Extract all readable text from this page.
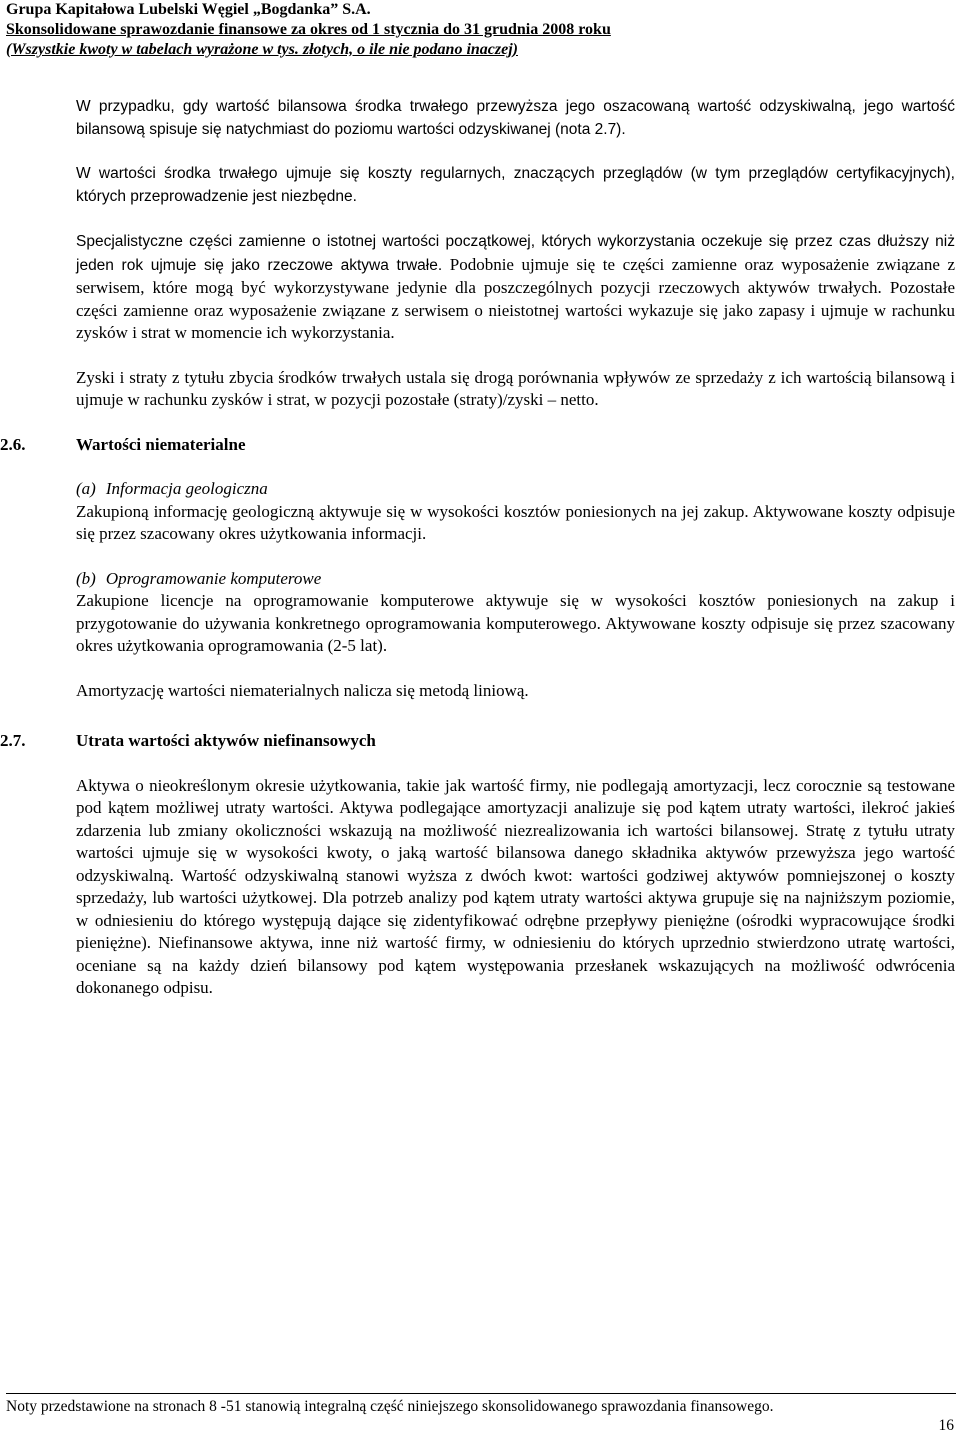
Grupa Kapitałowa Lubelski Węgiel „Bogdanka” S.A.
Skonsolidowane sprawozdanie finansowe za okres od 1 stycznia do 31 grudnia 2008 roku
(Wszystkie kwoty w tabelach wyrażone w tys. złotych, o ile nie podano inaczej)

W przypadku, gdy wartość bilansowa środka trwałego przewyższa jego oszacowaną wartość odzyskiwalną, jego wartość bilansową spisuje się natychmiast do poziomu wartości odzyskiwanej (nota 2.7).

W wartości środka trwałego ujmuje się koszty regularnych, znaczących przeglądów (w tym przeglądów certyfikacyjnych), których przeprowadzenie jest niezbędne.

Specjalistyczne części zamienne o istotnej wartości początkowej, których wykorzystania oczekuje się przez czas dłuższy niż jeden rok ujmuje się jako rzeczowe aktywa trwałe. Podobnie ujmuje się te części zamienne oraz wyposażenie związane z serwisem, które mogą być wykorzystywane jedynie dla poszczególnych pozycji rzeczowych aktywów trwałych. Pozostałe części zamienne oraz wyposażenie związane z serwisem o nieistotnej wartości wykazuje się jako zapasy i ujmuje w rachunku zysków i strat w momencie ich wykorzystania.

Zyski i straty z tytułu zbycia środków trwałych ustala się drogą porównania wpływów ze sprzedaży z ich wartością bilansową i ujmuje w rachunku zysków i strat, w pozycji pozostałe (straty)/zyski – netto.

2.6.	Wartości niematerialne
(a) Informacja geologiczna

Zakupioną informację geologiczną aktywuje się w wysokości kosztów poniesionych na jej zakup. Aktywowane koszty odpisuje się przez szacowany okres użytkowania informacji.

(b) Oprogramowanie komputerowe

Zakupione licencje na oprogramowanie komputerowe aktywuje się w wysokości kosztów poniesionych na zakup i przygotowanie do używania konkretnego oprogramowania komputerowego. Aktywowane koszty odpisuje się przez szacowany okres użytkowania oprogramowania (2-5 lat).

Amortyzację wartości niematerialnych nalicza się metodą liniową.

2.7.	Utrata wartości aktywów niefinansowych

Aktywa o nieokreślonym okresie użytkowania, takie jak wartość firmy, nie podlegają amortyzacji, lecz corocznie są testowane pod kątem możliwej utraty wartości. Aktywa podlegające amortyzacji analizuje się pod kątem utraty wartości, ilekroć jakieś zdarzenia lub zmiany okoliczności wskazują na możliwość niezrealizowania ich wartości bilansowej. Stratę z tytułu utraty wartości ujmuje się w wysokości kwoty, o jaką wartość bilansowa danego składnika aktywów przewyższa jego wartość odzyskiwalną. Wartość odzyskiwalną stanowi wyższa z dwóch kwot: wartości godziwej aktywów pomniejszonej o koszty sprzedaży, lub wartości użytkowej. Dla potrzeb analizy pod kątem utraty wartości aktywa grupuje się na najniższym poziomie, w odniesieniu do którego występują dające się zidentyfikować odrębne przepływy pieniężne (ośrodki wypracowujące środki pieniężne). Niefinansowe aktywa, inne niż wartość firmy, w odniesieniu do których uprzednio stwierdzono utratę wartości, oceniane są na każdy dzień bilansowy pod kątem występowania przesłanek wskazujących na możliwość odwrócenia dokonanego odpisu.

Noty przedstawione na stronach 8 -51 stanowią integralną część niniejszego skonsolidowanego sprawozdania finansowego.
16
